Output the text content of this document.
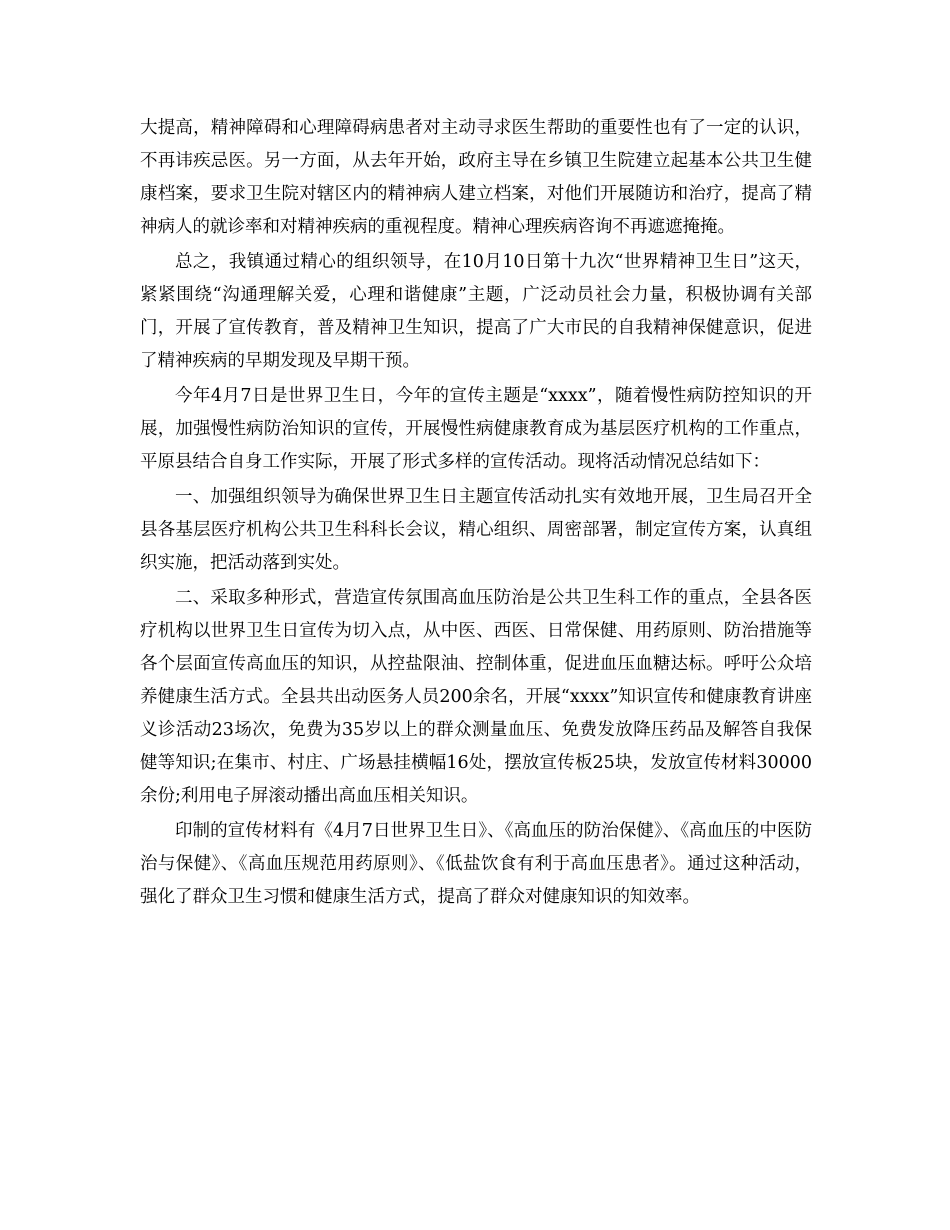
大提高，精神障碍和心理障碍病患者对主动寻求医生帮助的重要性也有了一定的认识，不再讳疾忌医。另一方面，从去年开始，政府主导在乡镇卫生院建立起基本公共卫生健康档案，要求卫生院对辖区内的精神病人建立档案，对他们开展随访和治疗，提高了精神病人的就诊率和对精神疾病的重视程度。精神心理疾病咨询不再遮遮掩掩。

总之，我镇通过精心的组织领导，在10月10日第十九次“世界精神卫生日”这天，紧紧围绕“沟通理解关爱，心理和谐健康”主题，广泛动员社会力量，积极协调有关部门，开展了宣传教育，普及精神卫生知识，提高了广大市民的自我精神保健意识，促进了精神疾病的早期发现及早期干预。

今年4月7日是世界卫生日，今年的宣传主题是“xxxx”，随着慢性病防控知识的开展，加强慢性病防治知识的宣传，开展慢性病健康教育成为基层医疗机构的工作重点，平原县结合自身工作实际，开展了形式多样的宣传活动。现将活动情况总结如下：

一、加强组织领导为确保世界卫生日主题宣传活动扎实有效地开展，卫生局召开全县各基层医疗机构公共卫生科科长会议，精心组织、周密部署，制定宣传方案，认真组织实施，把活动落到实处。

二、采取多种形式，营造宣传氛围高血压防治是公共卫生科工作的重点，全县各医疗机构以世界卫生日宣传为切入点，从中医、西医、日常保健、用药原则、防治措施等各个层面宣传高血压的知识，从控盐限油、控制体重，促进血压血糖达标。呼吁公众培养健康生活方式。全县共出动医务人员200余名，开展“xxxx”知识宣传和健康教育讲座义诊活动23场次，免费为35岁以上的群众测量血压、免费发放降压药品及解答自我保健等知识;在集市、村庄、广场悬挂横幅16处，摆放宣传板25块，发放宣传材料30000余份;利用电子屏滚动播出高血压相关知识。

印制的宣传材料有《4月7日世界卫生日》、《高血压的防治保健》、《高血压的中医防治与保健》、《高血压规范用药原则》、《低盐饮食有利于高血压患者》。通过这种活动，强化了群众卫生习惯和健康生活方式，提高了群众对健康知识的知效率。
